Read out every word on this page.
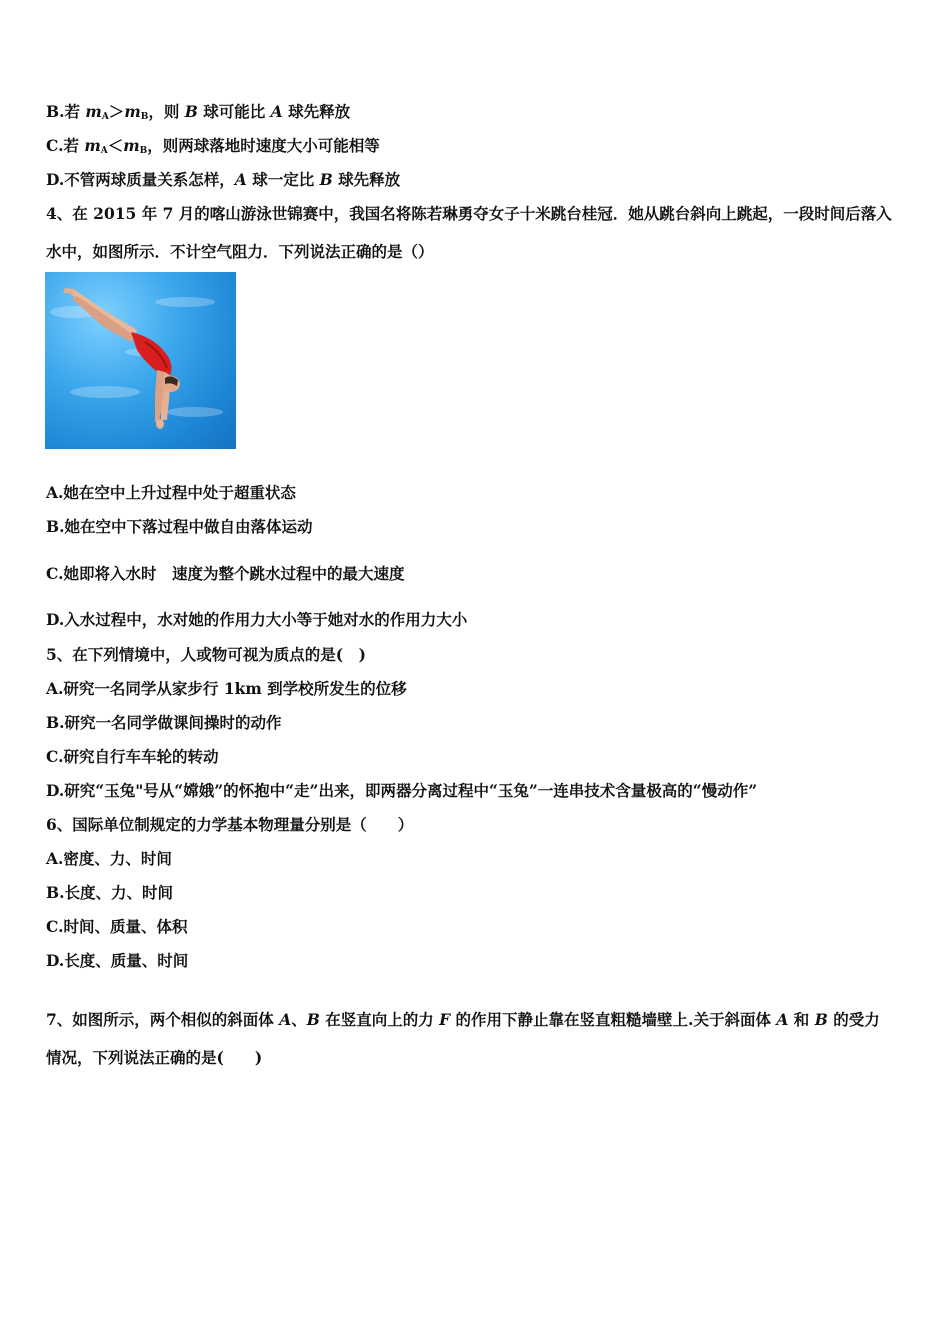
B.若 $m_A>m_B$，则 B 球可能比 A 球先释放
C.若 $m_A<m_B$，则两球落地时速度大小可能相等
D.不管两球质量关系怎样，A 球一定比 B 球先释放
4、在 2015 年 7 月的喀山游泳世锦赛中，我国名将陈若琳勇夺女子十米跳台桂冠．她从跳台斜向上跳起，一段时间后落入
水中，如图所示．不计空气阻力．下列说法正确的是（）
A.她在空中上升过程中处于超重状态
B.她在空中下落过程中做自由落体运动
C.她即将入水时　速度为整个跳水过程中的最大速度
D.入水过程中，水对她的作用力大小等于她对水的作用力大小
5、在下列情境中，人或物可视为质点的是(　)
A.研究一名同学从家步行 1km 到学校所发生的位移
B.研究一名同学做课间操时的动作
C.研究自行车车轮的转动
D.研究“玉兔"号从“嫦娥”的怀抱中“走”出来，即两器分离过程中“玉兔”一连串技术含量极高的“慢动作”
6、国际单位制规定的力学基本物理量分别是（　　）
A.密度、力、时间
B.长度、力、时间
C.时间、质量、体积
D.长度、质量、时间
7、如图所示，两个相似的斜面体 A、B 在竖直向上的力 F 的作用下静止靠在竖直粗糙墙壁上.关于斜面体 A 和 B 的受力
情况，下列说法正确的是(　　)
